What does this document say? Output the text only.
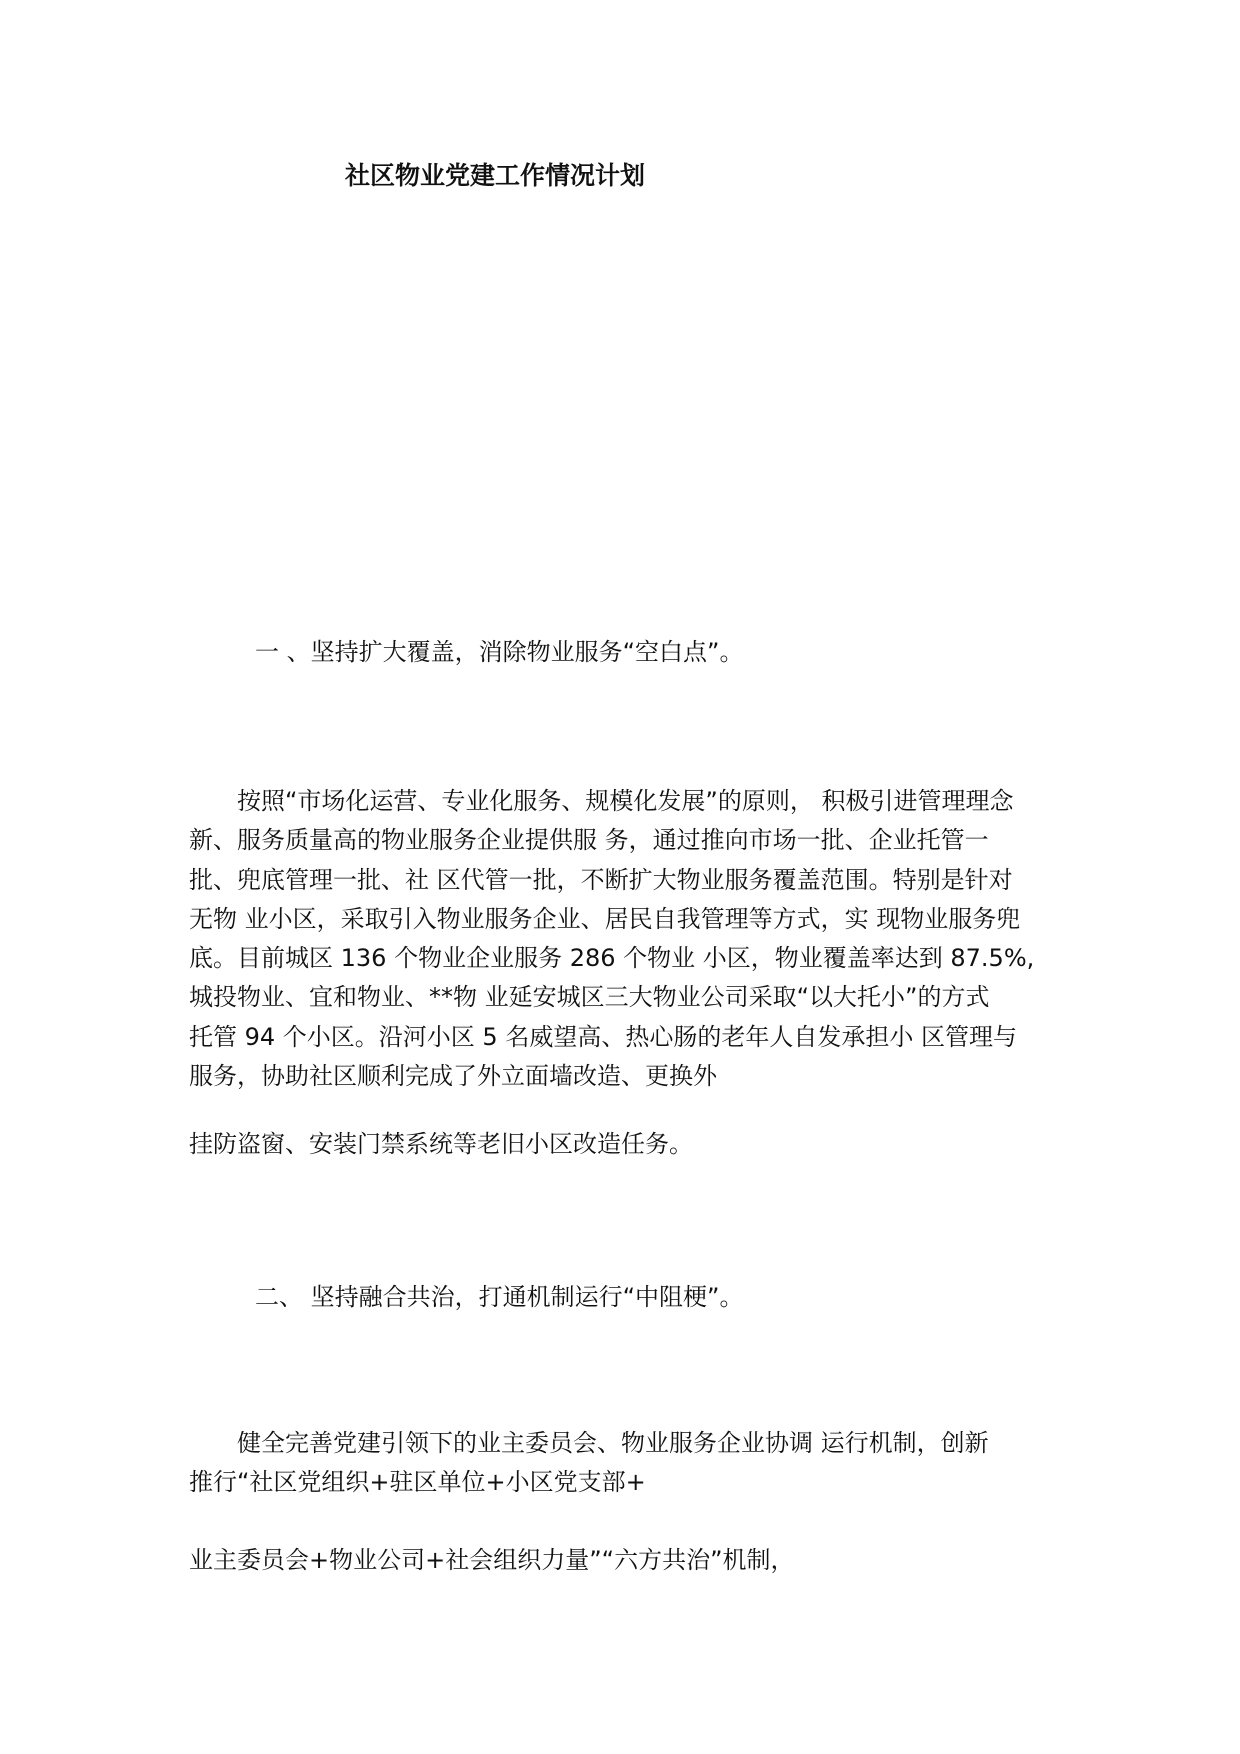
社区物业党建工作情况计划
一 、坚持扩大覆盖，消除物业服务“空白点”。
　　按照“市场化运营、专业化服务、规模化发展”的原则， 积极引进管理理念
新、服务质量高的物业服务企业提供服 务，通过推向市场一批、企业托管一
批、兜底管理一批、社 区代管一批，不断扩大物业服务覆盖范围。特别是针对
无物 业小区，采取引入物业服务企业、居民自我管理等方式，实 现物业服务兜
底。目前城区 136 个物业企业服务 286 个物业 小区，物业覆盖率达到 87.5%,
城投物业、宜和物业、**物 业延安城区三大物业公司采取“以大托小”的方式
托管 94 个小区。沿河小区 5 名威望高、热心肠的老年人自发承担小 区管理与
服务，协助社区顺利完成了外立面墙改造、更换外
挂防盗窗、安装门禁系统等老旧小区改造任务。
二、 坚持融合共治，打通机制运行“中阻梗”。
　　健全完善党建引领下的业主委员会、物业服务企业协调 运行机制，创新
推行“社区党组织+驻区单位+小区党支部+
业主委员会+物业公司+社会组织力量”“六方共治”机制，
